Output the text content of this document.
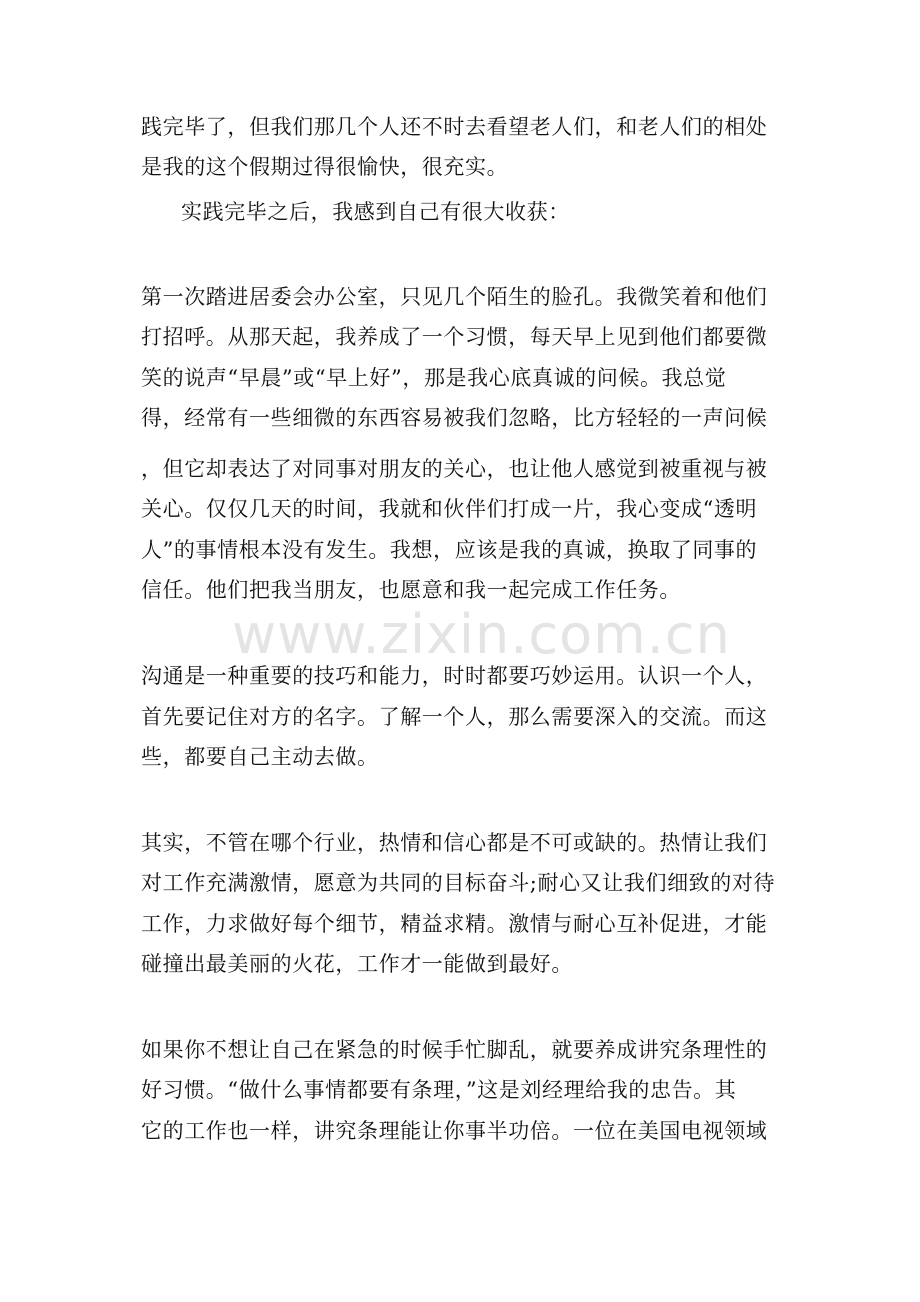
www.zixin.com.cn
践完毕了，但我们那几个人还不时去看望老人们，和老人们的相处
是我的这个假期过得很愉快，很充实。
实践完毕之后，我感到自己有很大收获：
第一次踏进居委会办公室，只见几个陌生的脸孔。我微笑着和他们
打招呼。从那天起，我养成了一个习惯，每天早上见到他们都要微
笑的说声“早晨”或“早上好”，那是我心底真诚的问候。我总觉
得，经常有一些细微的东西容易被我们忽略，比方轻轻的一声问候
，但它却表达了对同事对朋友的关心，也让他人感觉到被重视与被
关心。仅仅几天的时间，我就和伙伴们打成一片，我心变成“透明
人”的事情根本没有发生。我想，应该是我的真诚，换取了同事的
信任。他们把我当朋友，也愿意和我一起完成工作任务。
沟通是一种重要的技巧和能力，时时都要巧妙运用。认识一个人，
首先要记住对方的名字。了解一个人，那么需要深入的交流。而这
些，都要自己主动去做。
其实，不管在哪个行业，热情和信心都是不可或缺的。热情让我们
对工作充满激情，愿意为共同的目标奋斗;耐心又让我们细致的对待
工作，力求做好每个细节，精益求精。激情与耐心互补促进，才能
碰撞出最美丽的火花，工作才一能做到最好。
如果你不想让自己在紧急的时候手忙脚乱，就要养成讲究条理性的
好习惯。“做什么事情都要有条理，”这是刘经理给我的忠告。其
它的工作也一样，讲究条理能让你事半功倍。一位在美国电视领域
